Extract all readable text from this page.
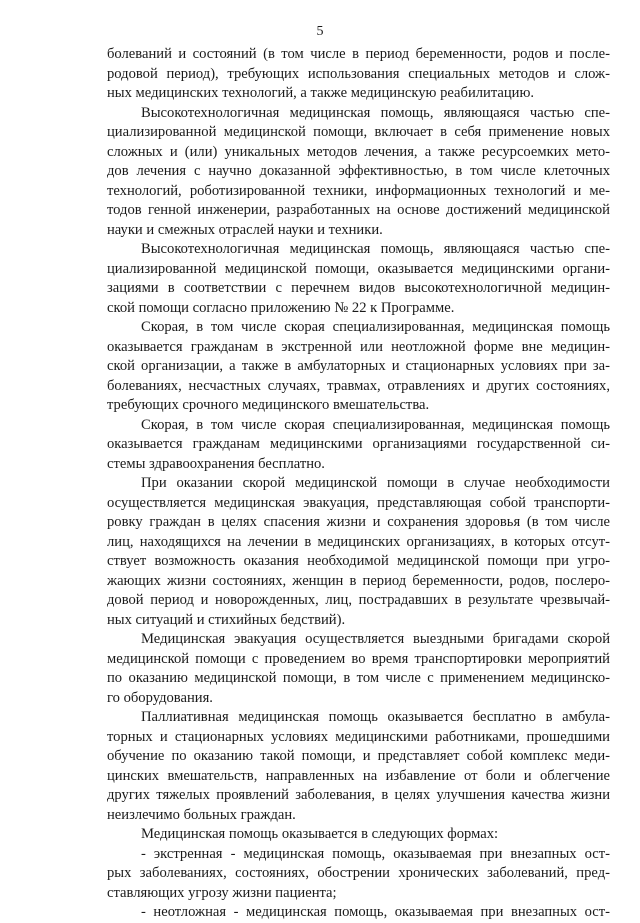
5
болеваний и состояний (в том числе в период беременности, родов и после-
родовой период), требующих использования специальных методов и слож-
ных медицинских технологий, а также медицинскую реабилитацию.
Высокотехнологичная медицинская помощь, являющаяся частью спе-
циализированной медицинской помощи, включает в себя применение новых
сложных и (или) уникальных методов лечения, а также ресурсоемких мето-
дов лечения с научно доказанной эффективностью, в том числе клеточных
технологий, роботизированной техники, информационных технологий и ме-
тодов генной инженерии, разработанных на основе достижений медицинской
науки и смежных отраслей науки и техники.
Высокотехнологичная медицинская помощь, являющаяся частью спе-
циализированной медицинской помощи, оказывается медицинскими органи-
зациями в соответствии с перечнем видов высокотехнологичной медицин-
ской помощи согласно приложению № 22 к Программе.
Скорая, в том числе скорая специализированная, медицинская помощь
оказывается гражданам в экстренной или неотложной форме вне медицин-
ской организации, а также в амбулаторных и стационарных условиях при за-
болеваниях, несчастных случаях, травмах, отравлениях и других состояниях,
требующих срочного медицинского вмешательства.
Скорая, в том числе скорая специализированная, медицинская помощь
оказывается гражданам медицинскими организациями государственной си-
стемы здравоохранения бесплатно.
При оказании скорой медицинской помощи в случае необходимости
осуществляется медицинская эвакуация, представляющая собой транспорти-
ровку граждан в целях спасения жизни и сохранения здоровья (в том числе
лиц, находящихся на лечении в медицинских организациях, в которых отсут-
ствует возможность оказания необходимой медицинской помощи при угро-
жающих жизни состояниях, женщин в период беременности, родов, послеро-
довой период и новорожденных, лиц, пострадавших в результате чрезвычай-
ных ситуаций и стихийных бедствий).
Медицинская эвакуация осуществляется выездными бригадами скорой
медицинской помощи с проведением во время транспортировки мероприятий
по оказанию медицинской помощи, в том числе с применением медицинско-
го оборудования.
Паллиативная медицинская помощь оказывается бесплатно в амбула-
торных и стационарных условиях медицинскими работниками, прошедшими
обучение по оказанию такой помощи, и представляет собой комплекс меди-
цинских вмешательств, направленных на избавление от боли и облегчение
других тяжелых проявлений заболевания, в целях улучшения качества жизни
неизлечимо больных граждан.
Медицинская помощь оказывается в следующих формах:
- экстренная - медицинская помощь, оказываемая при внезапных ост-
рых заболеваниях, состояниях, обострении хронических заболеваний, пред-
ставляющих угрозу жизни пациента;
- неотложная - медицинская помощь, оказываемая при внезапных ост-
